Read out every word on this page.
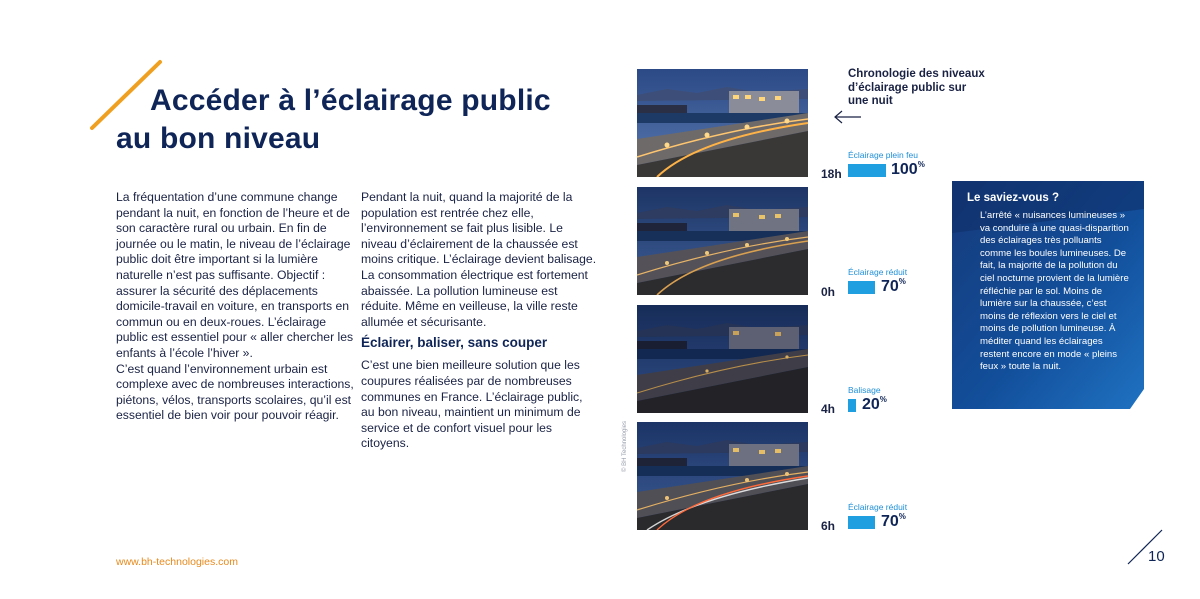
Accéder à l’éclairage public
au bon niveau

La fréquentation d’une commune change pendant la nuit, en fonction de l’heure et de son caractère rural ou urbain. En fin de journée ou le matin, le niveau de l’éclairage public doit être important si la lumière naturelle n’est pas suffisante. Objectif : assurer la sécurité des déplacements domicile-travail en voiture, en transports en commun ou en deux-roues. L’éclairage public est essentiel pour « aller chercher les enfants à l’école l’hiver ».

C’est quand l’environnement urbain est complexe avec de nombreuses interactions, piétons, vélos, transports scolaires, qu’il est essentiel de bien voir pour pouvoir réagir.

Pendant la nuit, quand la majorité de la population est rentrée chez elle, l’environnement se fait plus lisible. Le niveau d’éclairement de la chaussée est moins critique. L’éclairage devient balisage. La consommation électrique est fortement abaissée. La pollution lumineuse est réduite. Même en veilleuse, la ville reste allumée et sécurisante.

Éclairer, baliser, sans couper

C’est une bien meilleure solution que les coupures réalisées par de nombreuses communes en France. L’éclairage public, au bon niveau, maintient un minimum de service et de confort visuel pour les citoyens.	© BH Technologies
Chronologie des niveaux d’éclairage public sur une nuit
Éclairage plein feu
18h	100%
Éclairage réduit
0h	70%
Balisage
4h 20%
Éclairage réduit
6h	70%
Le saviez-vous ?
L’arrêté « nuisances lumineuses » va conduire à une quasi-disparition des éclairages très polluants comme les boules lumineuses. De fait, la majorité de la pollution du ciel nocturne provient de la lumière réfléchie par le sol. Moins de lumière sur la chaussée, c’est moins de réflexion vers le ciel et moins de pollution lumineuse. À méditer quand les éclairages restent encore en mode « pleins feux » toute la nuit.
www.bh-technologies.com	10
